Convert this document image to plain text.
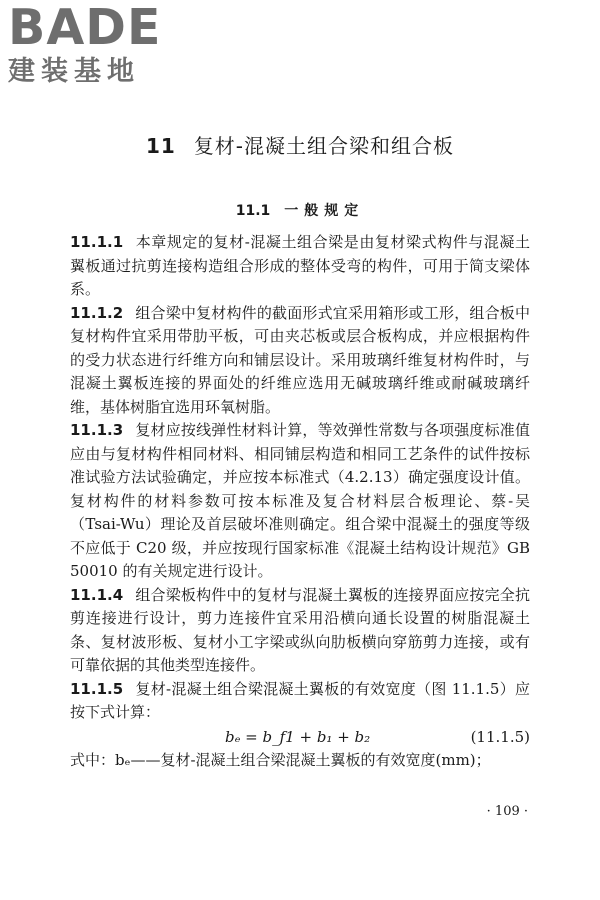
BADE
建装基地
11 复材-混凝土组合梁和组合板
11.1 一般规定

11.1.1 本章规定的复材-混凝土组合梁是由复材梁式构件与混凝土翼板通过抗剪连接构造组合形成的整体受弯的构件，可用于简支梁体系。

11.1.2 组合梁中复材构件的截面形式宜采用箱形或工形，组合板中复材构件宜采用带肋平板，可由夹芯板或层合板构成，并应根据构件的受力状态进行纤维方向和铺层设计。采用玻璃纤维复材构件时，与混凝土翼板连接的界面处的纤维应选用无碱玻璃纤维或耐碱玻璃纤维，基体树脂宜选用环氧树脂。

11.1.3 复材应按线弹性材料计算，等效弹性常数与各项强度标准值应由与复材构件相同材料、相同铺层构造和相同工艺条件的试件按标准试验方法试验确定，并应按本标准式（4.2.13）确定强度设计值。复材构件的材料参数可按本标准及复合材料层合板理论、蔡-吴（Tsai-Wu）理论及首层破坏准则确定。组合梁中混凝土的强度等级不应低于 C20 级，并应按现行国家标准《混凝土结构设计规范》GB 50010 的有关规定进行设计。

11.1.4 组合梁板构件中的复材与混凝土翼板的连接界面应按完全抗剪连接进行设计，剪力连接件宜采用沿横向通长设置的树脂混凝土条、复材波形板、复材小工字梁或纵向肋板横向穿筋剪力连接，或有可靠依据的其他类型连接件。

11.1.5 复材-混凝土组合梁混凝土翼板的有效宽度（图 11.1.5）应按下式计算：

bₑ = b_f1 + b₁ + b₂	(11.1.5)

式中：bₑ——复材-混凝土组合梁混凝土翼板的有效宽度(mm)；

· 109 ·
